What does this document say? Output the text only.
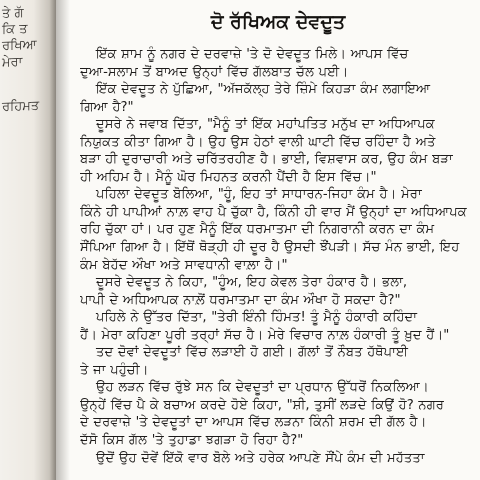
ਤੇ ਗੱ
ਕਿ ਤ
ਰਖਿਆ
ਮੇਰਾ
ਰਹਿਮਤ
ਦੋ ਰੱਖਿਅਕ ਦੇਵਦੂਤ
ਇੱਕ ਸ਼ਾਮ ਨੂੰ ਨਗਰ ਦੇ ਦਰਵਾਜ਼ੇ 'ਤੇ ਦੋ ਦੇਵਦੂਤ ਮਿਲੇ। ਆਪਸ ਵਿੱਚ
ਦੁਆ-ਸਲਾਮ ਤੋਂ ਬਾਅਦ ਉਨ੍ਹਾਂ ਵਿੱਚ ਗੱਲਬਾਤ ਚੱਲ ਪਈ।
ਇੱਕ ਦੇਵਦੂਤ ਨੇ ਪੁੱਛਿਆ, "ਅੱਜਕੱਲ੍ਹ ਤੇਰੇ ਜ਼ਿੰਮੇ ਕਿਹੜਾ ਕੰਮ ਲਗਾਇਆ
ਗਿਆ ਹੈ?"
ਦੂਸਰੇ ਨੇ ਜਵਾਬ ਦਿੱਤਾ, "ਮੈਨੂੰ ਤਾਂ ਇੱਕ ਮਹਾਂਪਤਿਤ ਮਨੁੱਖ ਦਾ ਅਧਿਆਪਕ
ਨਿਯੁਕਤ ਕੀਤਾ ਗਿਆ ਹੈ। ਉਹ ਉਸ ਹੇਠਾਂ ਵਾਲੀ ਘਾਟੀ ਵਿੱਚ ਰਹਿੰਦਾ ਹੈ ਅਤੇ
ਬੜਾ ਹੀ ਦੁਰਾਚਾਰੀ ਅਤੇ ਚਰਿੱਤਰਹੀਣ ਹੈ। ਭਾਈ, ਵਿਸ਼ਵਾਸ ਕਰ, ਉਹ ਕੰਮ ਬੜਾ
ਹੀ ਅਹਿਮ ਹੈ। ਮੈਨੂੰ ਘੋਰ ਮਿਹਨਤ ਕਰਨੀ ਪੈਂਦੀ ਹੈ ਇਸ ਵਿੱਚ।"
ਪਹਿਲਾ ਦੇਵਦੂਤ ਬੋਲਿਆ, "ਹੂੰ, ਇਹ ਤਾਂ ਸਾਧਾਰਨ-ਜਿਹਾ ਕੰਮ ਹੈ। ਮੇਰਾ
ਕਿੰਨੇ ਹੀ ਪਾਪੀਆਂ ਨਾਲ਼ ਵਾਹ ਪੈ ਚੁੱਕਾ ਹੈ, ਕਿੰਨੀ ਹੀ ਵਾਰ ਮੈਂ ਉਨ੍ਹਾਂ ਦਾ ਅਧਿਆਪਕ
ਰਹਿ ਚੁੱਕਾ ਹਾਂ। ਪਰ ਹੁਣ ਮੈਨੂੰ ਇੱਕ ਧਰਮਾਤਮਾ ਦੀ ਨਿਗਰਾਨੀ ਕਰਨ ਦਾ ਕੰਮ
ਸੌਂਪਿਆ ਗਿਆ ਹੈ। ਇੱਥੋਂ ਥੋੜ੍ਹੀ ਹੀ ਦੂਰ ਹੈ ਉਸਦੀ ਝੌਂਪੜੀ। ਸੱਚ ਮੰਨ ਭਾਈ, ਇਹ
ਕੰਮ ਬੇਹੱਦ ਔਖਾ ਅਤੇ ਸਾਵਧਾਨੀ ਵਾਲ਼ਾ ਹੈ।"
ਦੂਸਰੇ ਦੇਵਦੂਤ ਨੇ ਕਿਹਾ, "ਹੂੰਅ, ਇਹ ਕੇਵਲ ਤੇਰਾ ਹੰਕਾਰ ਹੈ। ਭਲਾ,
ਪਾਪੀ ਦੇ ਅਧਿਆਪਕ ਨਾਲ਼ੋਂ ਧਰਮਾਤਮਾ ਦਾ ਕੰਮ ਔਖਾ ਹੋ ਸਕਦਾ ਹੈ?"
ਪਹਿਲੇ ਨੇ ਉੱਤਰ ਦਿੱਤਾ, "ਤੇਰੀ ਇੰਨੀ ਹਿੰਮਤ! ਤੂੰ ਮੈਨੂੰ ਹੰਕਾਰੀ ਕਹਿੰਦਾ
ਹੈਂ। ਮੇਰਾ ਕਹਿਣਾ ਪੂਰੀ ਤਰ੍ਹਾਂ ਸੱਚ ਹੈ। ਮੇਰੇ ਵਿਚਾਰ ਨਾਲ਼ ਹੰਕਾਰੀ ਤੂੰ ਖ਼ੁਦ ਹੈਂ।"
ਤਦ ਦੋਵਾਂ ਦੇਵਦੂਤਾਂ ਵਿੱਚ ਲੜਾਈ ਹੋ ਗਈ। ਗੱਲਾਂ ਤੋਂ ਨੌਬਤ ਹੱਥੋਪਾਈ
ਤੇ ਜਾ ਪਹੁੰਚੀ।
ਉਹ ਲੜਨ ਵਿੱਚ ਰੁੱਝੇ ਸਨ ਕਿ ਦੇਵਦੂਤਾਂ ਦਾ ਪ੍ਰਧਾਨ ਉੱਧਰੋਂ ਨਿਕਲਿਆ।
ਉਨ੍ਹੇਂ ਵਿੱਚ ਪੈ ਕੇ ਬਚਾਅ ਕਰਦੇ ਹੋਏ ਕਿਹਾ, "ਸ਼ੀ, ਤੁਸੀਂ ਲੜਦੇ ਕਿਉਂ ਹੋ? ਨਗਰ
ਦੇ ਦਰਵਾਜ਼ੇ 'ਤੇ ਦੇਵਦੂਤਾਂ ਦਾ ਆਪਸ ਵਿੱਚ ਲੜਨਾ ਕਿੰਨੀ ਸ਼ਰਮ ਦੀ ਗੱਲ ਹੈ।
ਦੱਸੋ ਕਿਸ ਗੱਲ 'ਤੇ ਤੁਹਾਡਾ ਝਗੜਾ ਹੋ ਰਿਹਾ ਹੈ?"
ਉਦੋਂ ਉਹ ਦੋਵੇਂ ਇੱਕੋ ਵਾਰ ਬੋਲੇ ਅਤੇ ਹਰੇਕ ਆਪਣੇ ਸੌਂਪੇ ਕੰਮ ਦੀ ਮਹੱਤਤਾ
